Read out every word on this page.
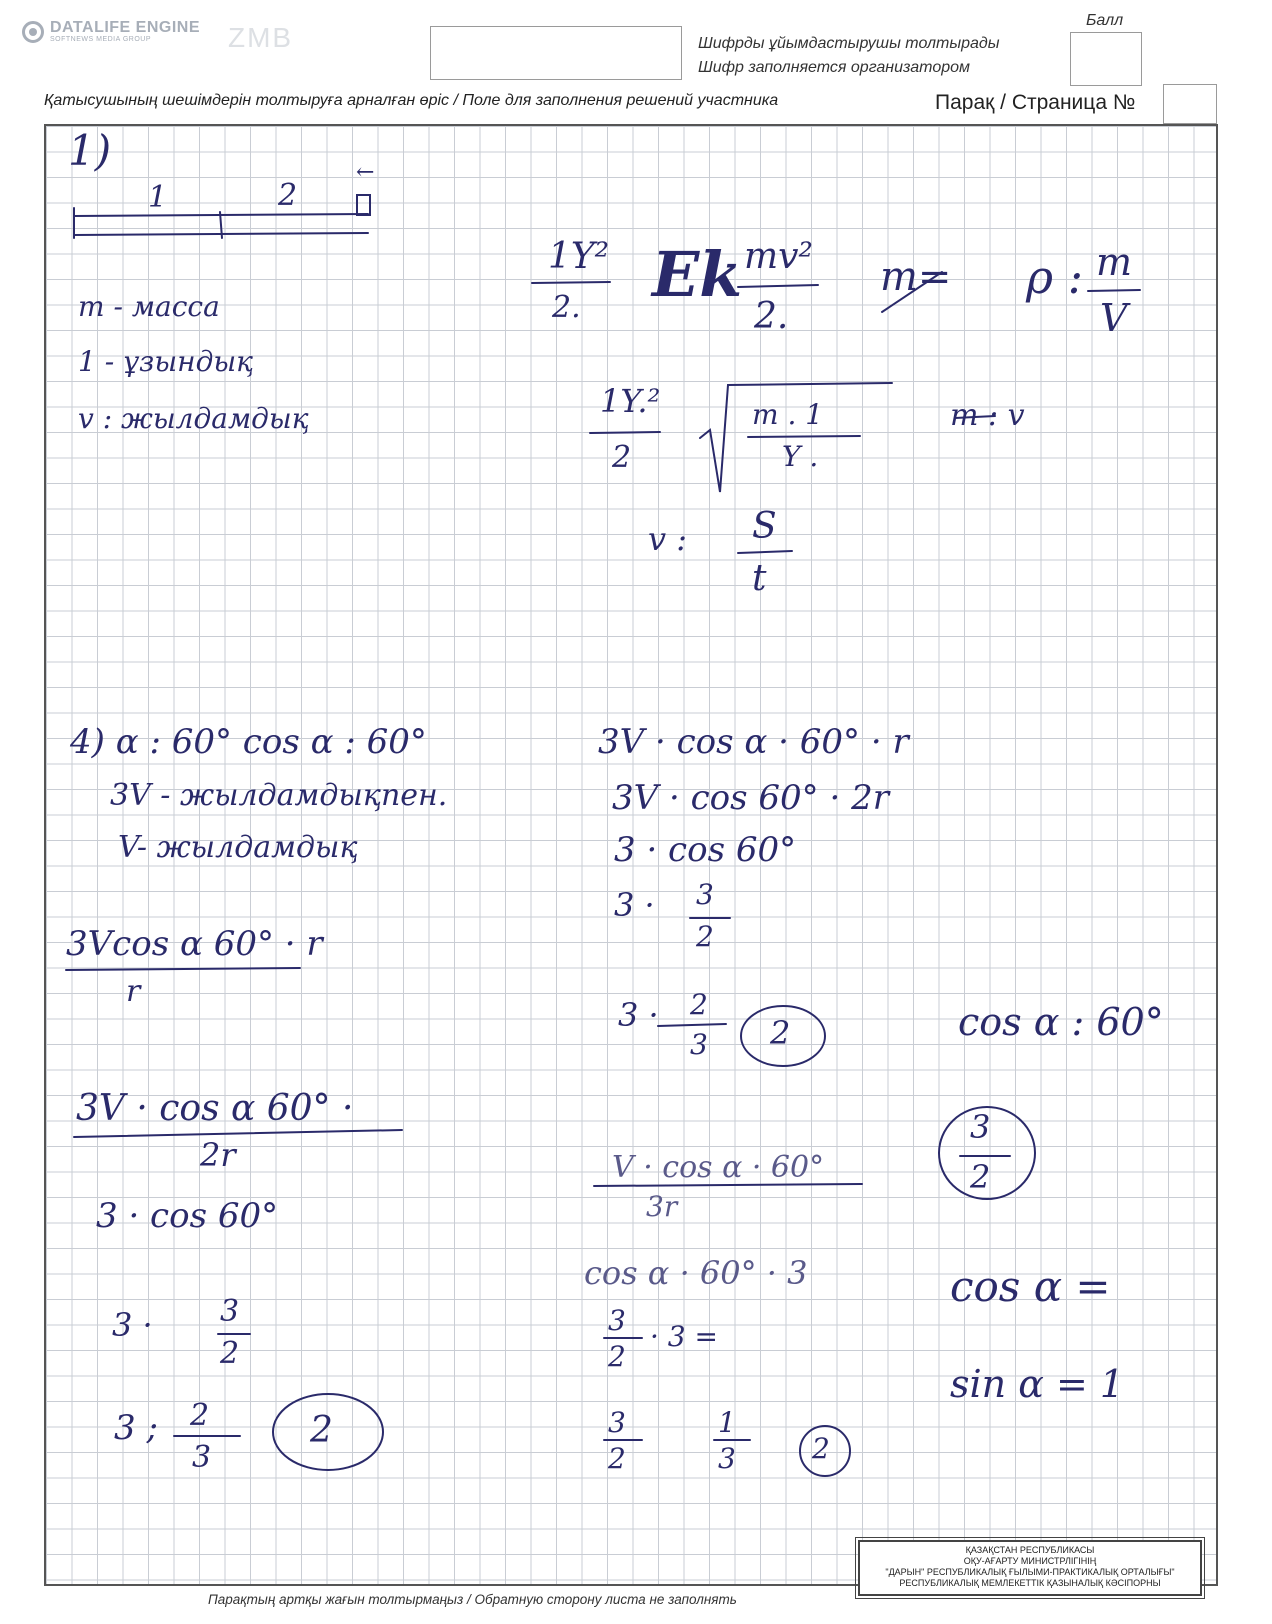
DATALIFE ENGINE
SOFTNEWS MEDIA GROUP	ZMB	Шифрды ұйымдастырушы толтырады
Шифр заполняется организатором
Балл
Қатысушының шешімдерін толтыруға арналған өріс / Поле для заполнения решений участника	Парақ / Страница №
1)
1	2
←
m - масса
1 - ұзындық
v : жылдамдық
1Y²
2. Ek mv²
2.
m= ρ : m
V
1Y.²
2
m . 1
Y .
m : v
v : S
t
4) α : 60° cos α : 60°
3V - жылдамдықпен.
V- жылдамдық
3Vcos α 60° · r
r
3V · cos α 60° ·
2r
3 · cos 60°
3 · 3
2
3 ; 2
3
2
3V · cos α · 60° · r
3V · cos 60° · 2r
3 · cos 60°
3 · 3
2
3 · 2
3 2
V · cos α · 60°
3r
cos α · 60° · 3
3
2
· 3 =
3
2
1
3	2
cos α : 60°
3
2
cos α =
sin α = 1
Парақтың артқы жағын толтырмаңыз / Обратную сторону листа не заполнять
ҚАЗАҚСТАН РЕСПУБЛИКАСЫ
ОҚУ-АҒАРТУ МИНИСТРЛІГІНІҢ
"ДАРЫН" РЕСПУБЛИКАЛЫҚ ҒЫЛЫМИ-ПРАКТИКАЛЫҚ ОРТАЛЫҒЫ"
РЕСПУБЛИКАЛЫҚ МЕМЛЕКЕТТІК ҚАЗЫНАЛЫҚ КӘСІПОРНЫ
